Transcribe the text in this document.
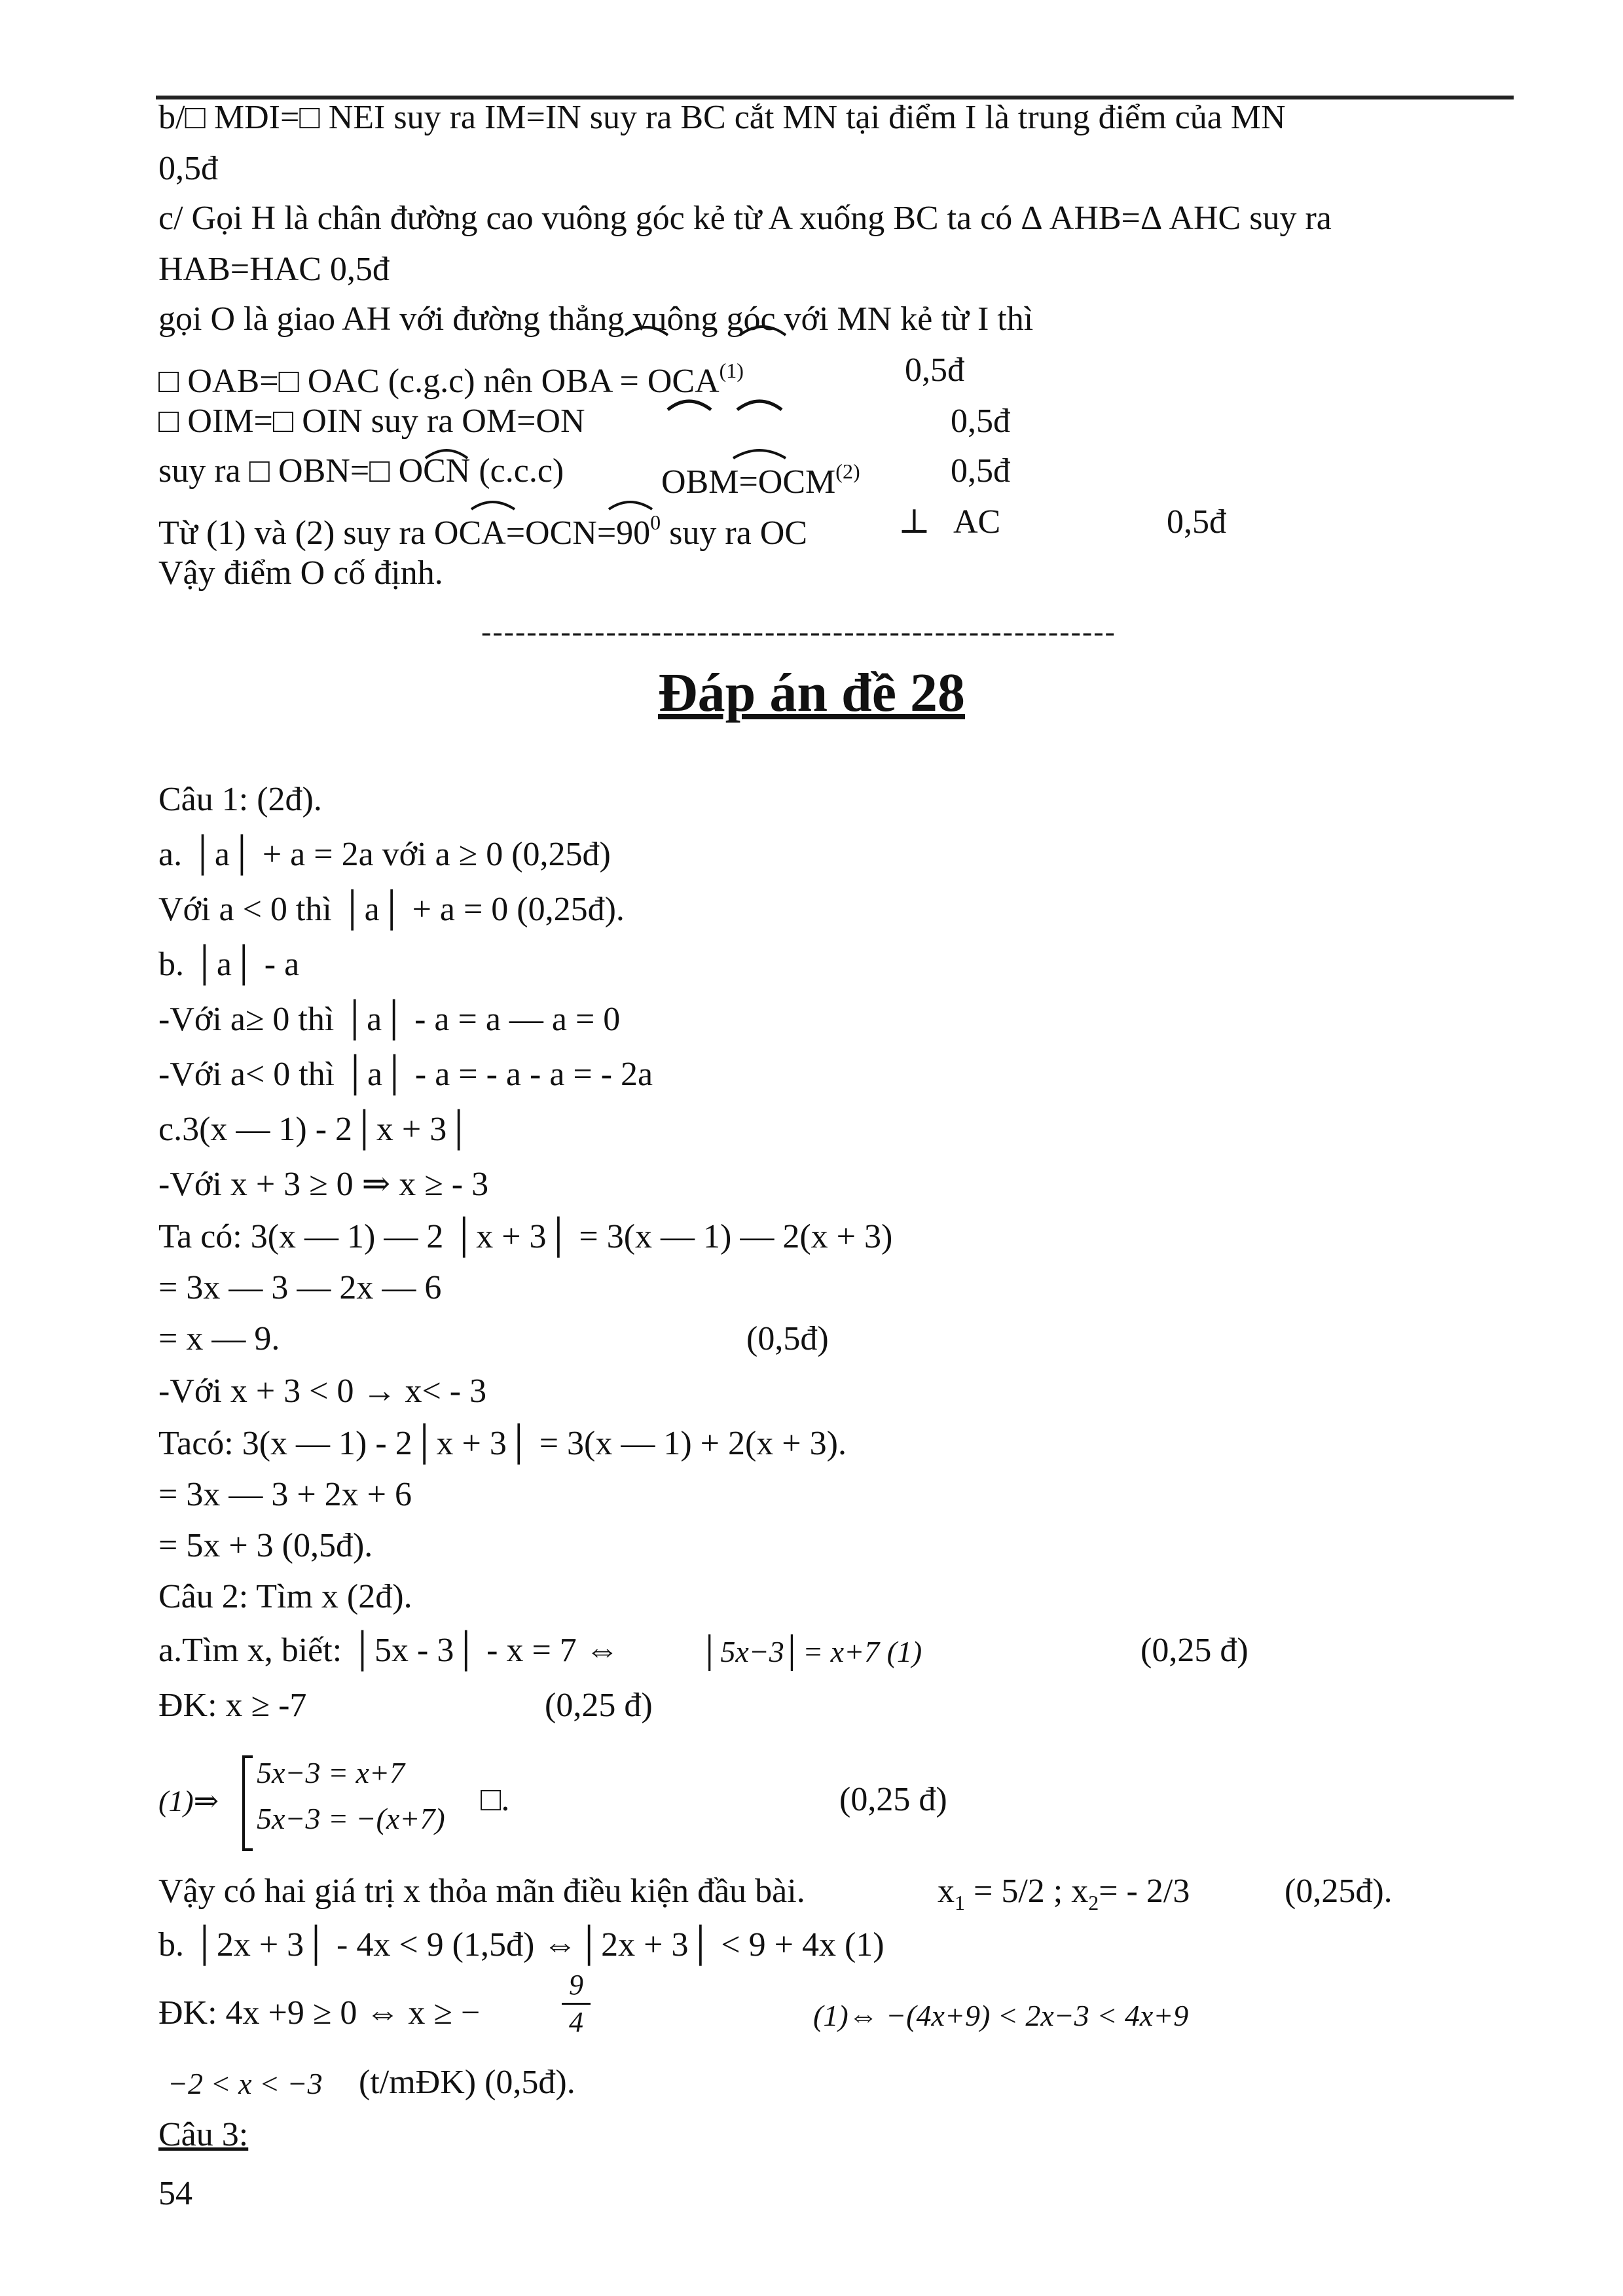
b/□ MDI=□ NEI suy ra IM=IN suy ra BC cắt MN tại điểm I là trung điểm của MN
0,5đ
c/ Gọi H là chân đường cao vuông góc kẻ từ A xuống BC ta có Δ AHB=Δ AHC suy ra
HAB=HAC 0,5đ
gọi O là giao AH với đường thẳng vuông góc với MN kẻ từ I thì
□ OAB=□ OAC (c.g.c) nên OBA = $OCA^{(1)}$	0,5đ
□ OIM=□ OIN suy ra OM=ON	0,5đ
suy ra □ OBN=□ OCN (c.c.c)	$OBM=OCM^{(2)}$	0,5đ
Từ (1) và (2) suy ra $OCA=OCN=90^0$ suy ra OC	⊥ AC	0,5đ
Vậy điểm O cố định.
--------------------------------------------------------
Đáp án đề 28
Câu 1: (2đ).
a. │a│ + a = 2a với a ≥ 0 (0,25đ)
Với a < 0 thì │a│ + a = 0 (0,25đ).
b. │a│ - a
-Với a≥ 0 thì │a│ - a = a — a = 0
-Với a< 0 thì │a│ - a = - a - a = - 2a
c.3(x — 1) - 2│x + 3│
-Với x + 3 ≥ 0 ⇒ x ≥ - 3
Ta có: 3(x — 1) — 2 │x + 3│ = 3(x — 1) — 2(x + 3)
= 3x — 3 — 2x — 6
= x — 9.	(0,5đ)
-Với x + 3 < 0 → x< - 3
Tacó: 3(x — 1) - 2│x + 3│ = 3(x — 1) + 2(x + 3).
= 3x — 3 + 2x + 6
= 5x + 3 (0,5đ).
Câu 2: Tìm x (2đ).
a.Tìm x, biết: │5x - 3│ - x = 7 ⇔	│5x−3│= x+7 (1)	(0,25 đ)
ĐK: x ≥ -7	(0,25 đ)
(1)⇒
5x−3 = x+7
5x−3 = −(x+7)
□.	(0,25 đ)
Vậy có hai giá trị x thỏa mãn điều kiện đầu bài.	$x_1 = 5/2$ ; $x_2= - 2/3$	(0,25đ).
b. │2x + 3│ - 4x < 9 (1,5đ) ⇔│2x + 3│ < 9 + 4x (1)
ĐK: 4x +9 ≥ 0 ⇔ x ≥ −	$\frac{9}{4}$	(1)⇔ −(4x+9) < 2x−3 < 4x+9
−2 < x < −3 (t/mĐK) (0,5đ).
Câu 3:
54
